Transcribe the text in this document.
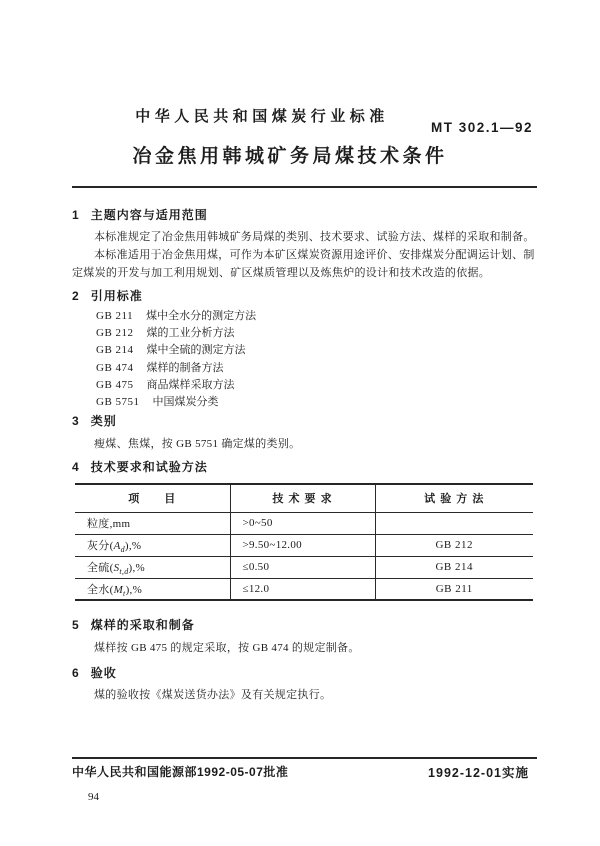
中华人民共和国煤炭行业标准
MT 302.1—92
冶金焦用韩城矿务局煤技术条件
1 主题内容与适用范围
本标准规定了冶金焦用韩城矿务局煤的类别、技术要求、试验方法、煤样的采取和制备。
本标准适用于冶金焦用煤，可作为本矿区煤炭资源用途评价、安排煤炭分配调运计划、制定煤炭的开发与加工利用规划、矿区煤质管理以及炼焦炉的设计和技术改造的依据。
2 引用标准
GB 211 煤中全水分的测定方法
GB 212 煤的工业分析方法
GB 214 煤中全硫的测定方法
GB 474 煤样的制备方法
GB 475 商品煤样采取方法
GB 5751 中国煤炭分类
3 类别
瘦煤、焦煤，按 GB 5751 确定煤的类别。
4 技术要求和试验方法
项　　目	技 术 要 求	试 验 方 法
粒度,mm	>0~50	
灰分$(A_d),\%$	>9.50~12.00	GB 212
全硫$(S_{t,d}),\%$	≤0.50	GB 214
全水$(M_t),\%$	≤12.0	GB 211
5 煤样的采取和制备
煤样按 GB 475 的规定采取，按 GB 474 的规定制备。
6 验收
煤的验收按《煤炭送货办法》及有关规定执行。
中华人民共和国能源部1992-05-07批准	1992-12-01实施
94
